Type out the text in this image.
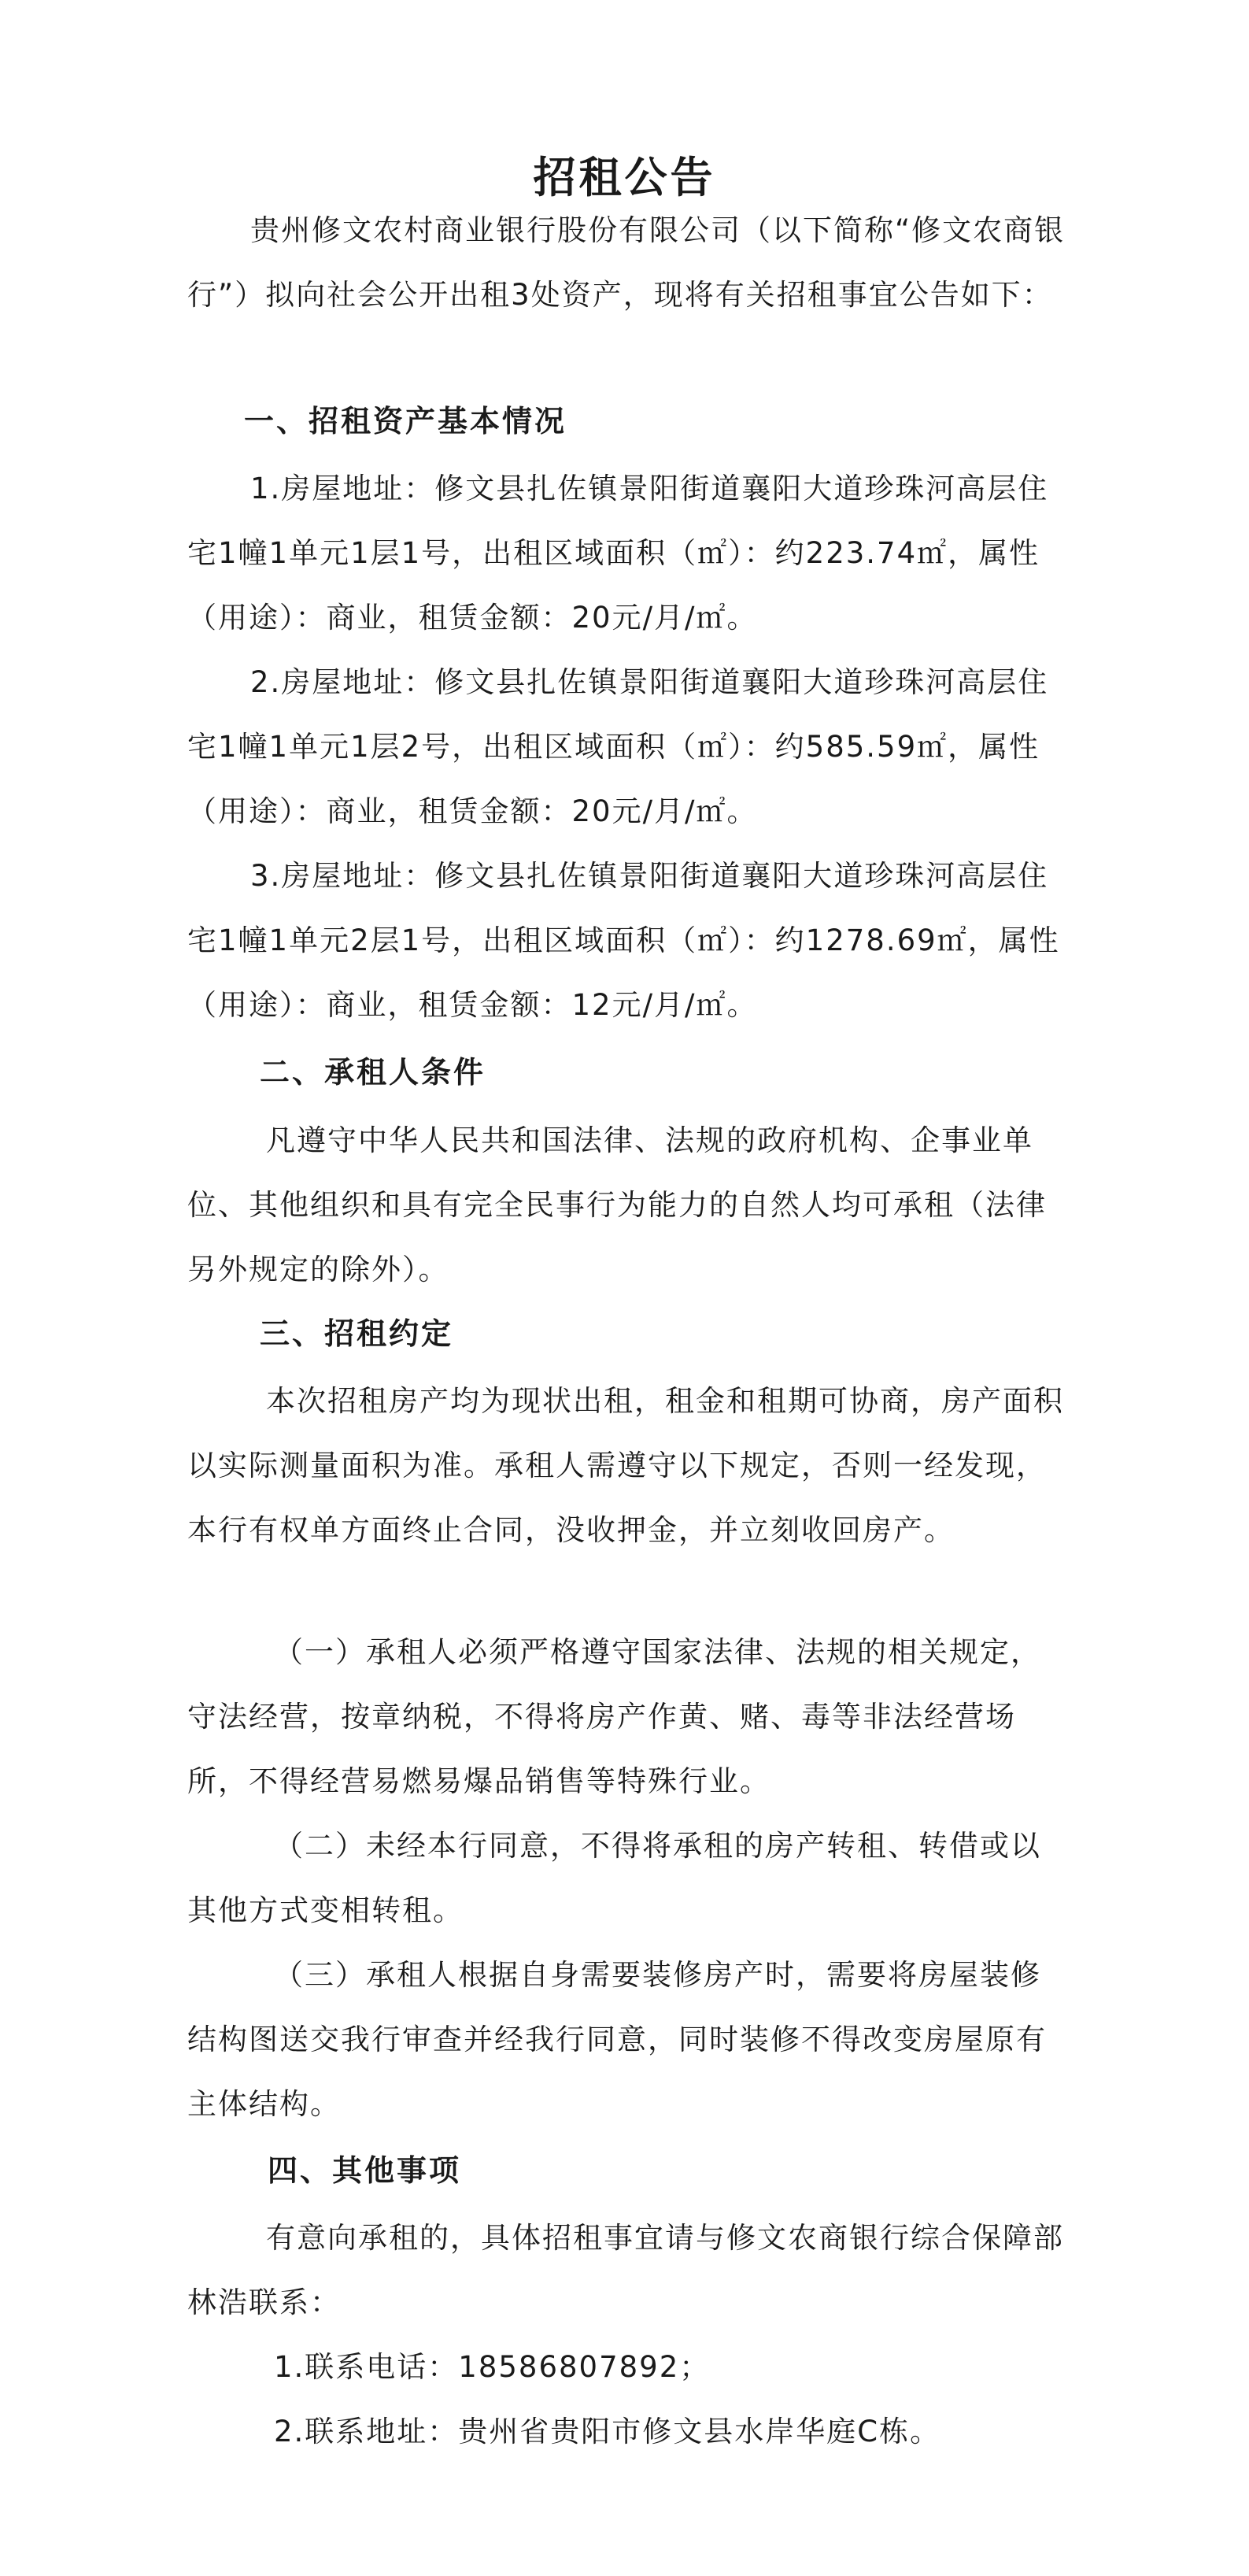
招租公告

贵州修文农村商业银行股份有限公司（以下简称“修文农商银行”）拟向社会公开出租3处资产，现将有关招租事宜公告如下：

一、招租资产基本情况

1.房屋地址：修文县扎佐镇景阳街道襄阳大道珍珠河高层住宅1幢1单元1层1号，出租区域面积（㎡）：约223.74㎡，属性（用途）：商业，租赁金额：20元/月/㎡。

2.房屋地址：修文县扎佐镇景阳街道襄阳大道珍珠河高层住宅1幢1单元1层2号，出租区域面积（㎡）：约585.59㎡，属性（用途）：商业，租赁金额：20元/月/㎡。

3.房屋地址：修文县扎佐镇景阳街道襄阳大道珍珠河高层住宅1幢1单元2层1号，出租区域面积（㎡）：约1278.69㎡，属性（用途）：商业，租赁金额：12元/月/㎡。

二、承租人条件

凡遵守中华人民共和国法律、法规的政府机构、企事业单位、其他组织和具有完全民事行为能力的自然人均可承租（法律另外规定的除外）。

三、招租约定

本次招租房产均为现状出租，租金和租期可协商，房产面积以实际测量面积为准。承租人需遵守以下规定，否则一经发现，本行有权单方面终止合同，没收押金，并立刻收回房产。

（一）承租人必须严格遵守国家法律、法规的相关规定，守法经营，按章纳税，不得将房产作黄、赌、毒等非法经营场所，不得经营易燃易爆品销售等特殊行业。

（二）未经本行同意，不得将承租的房产转租、转借或以其他方式变相转租。

（三）承租人根据自身需要装修房产时，需要将房屋装修结构图送交我行审查并经我行同意，同时装修不得改变房屋原有主体结构。

四、其他事项

有意向承租的，具体招租事宜请与修文农商银行综合保障部林浩联系：

1.联系电话：18586807892；

2.联系地址：贵州省贵阳市修文县水岸华庭C栋。
